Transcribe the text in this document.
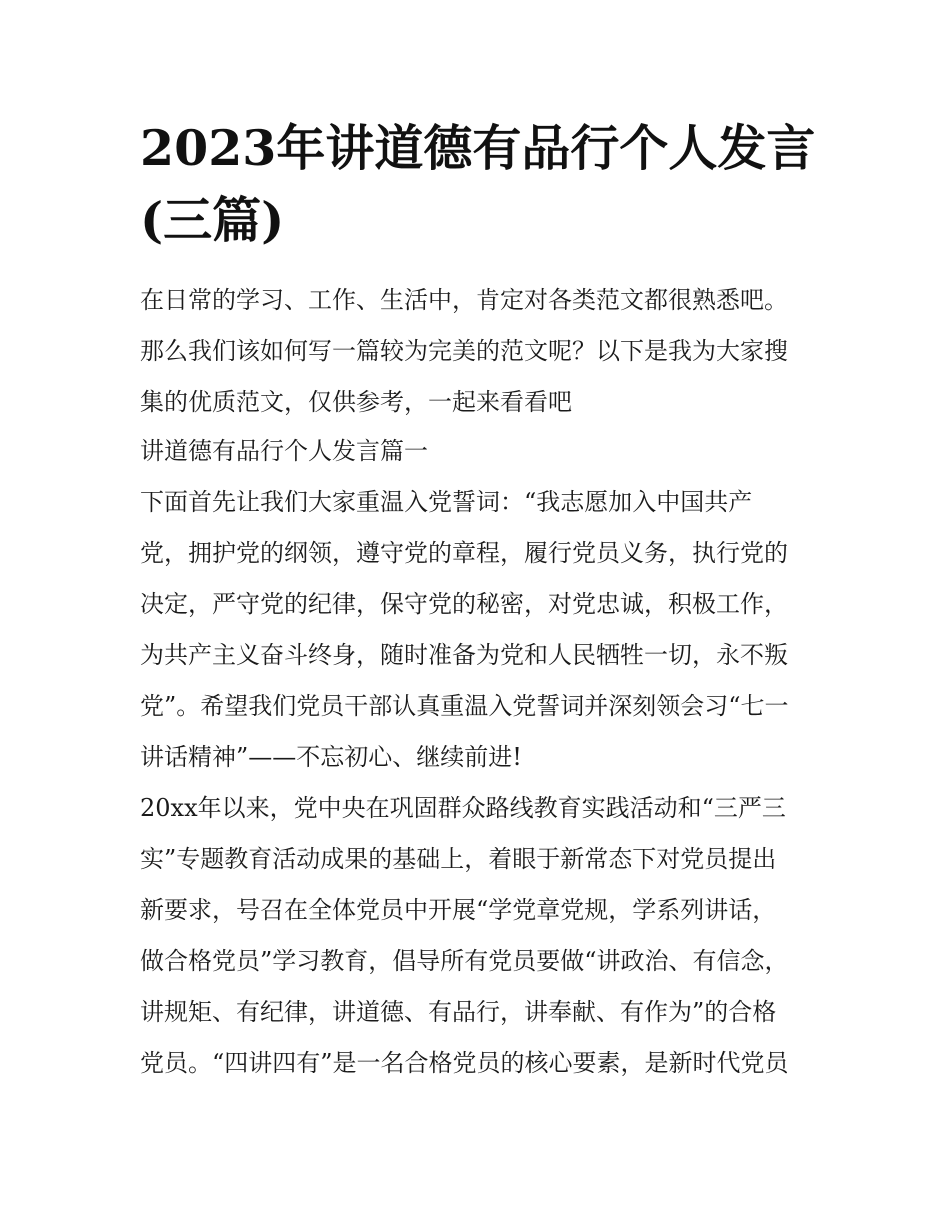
2023年讲道德有品行个人发言
(三篇)
在日常的学习、工作、生活中，肯定对各类范文都很熟悉吧。
那么我们该如何写一篇较为完美的范文呢？以下是我为大家搜
集的优质范文，仅供参考，一起来看看吧
讲道德有品行个人发言篇一
下面首先让我们大家重温入党誓词：“我志愿加入中国共产
党，拥护党的纲领，遵守党的章程，履行党员义务，执行党的
决定，严守党的纪律，保守党的秘密，对党忠诚，积极工作，
为共产主义奋斗终身，随时准备为党和人民牺牲一切，永不叛
党”。希望我们党员干部认真重温入党誓词并深刻领会习“七一
讲话精神”——不忘初心、继续前进!
20xx年以来，党中央在巩固群众路线教育实践活动和“三严三
实”专题教育活动成果的基础上，着眼于新常态下对党员提出
新要求，号召在全体党员中开展“学党章党规，学系列讲话，
做合格党员”学习教育，倡导所有党员要做“讲政治、有信念，
讲规矩、有纪律，讲道德、有品行，讲奉献、有作为”的合格
党员。“四讲四有”是一名合格党员的核心要素，是新时代党员
